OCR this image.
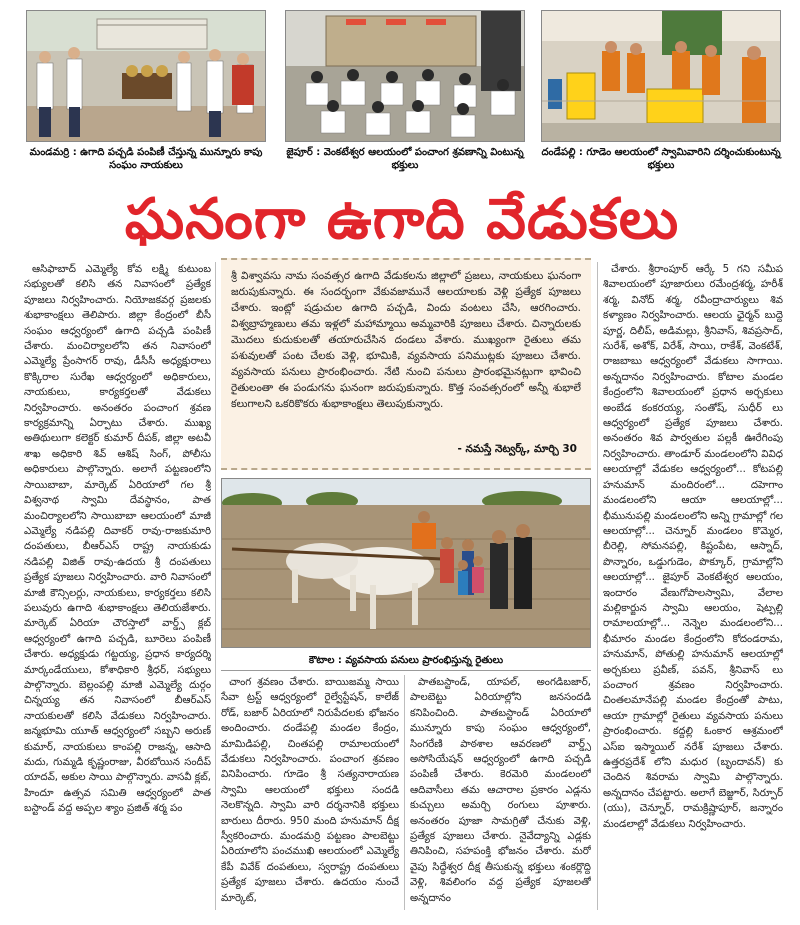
మండమర్రి : ఉగాది పచ్చడి పంపిణీ చేస్తున్న మున్నూరు కాపు సంఘం నాయకులు
జైపూర్ : వెంకటేశ్వర ఆలయంలో పంచాంగ శ్రవణాన్ని వింటున్న భక్తులు
దండేపల్లి : గూడెం ఆలయంలో స్వామివారిని దర్శించుకుంటున్న భక్తులు
ఘనంగా ఉగాది వేడుకలు

ఆసిఫాబాద్ ఎమ్మెల్యే కోవ లక్ష్మి కుటుంబ సభ్యులతో కలిసి తన నివాసంలో ప్రత్యేక పూజలు నిర్వహించారు. నియోజకవర్గ ప్రజలకు శుభాకాంక్షలు తెలిపారు. జిల్లా కేంద్రంలో బీసీ సంఘం ఆధ్వర్యంలో ఉగాది పచ్చడి పంపిణీ చేశారు. మంచిర్యాలలోని తన నివాసంలో ఎమ్మెల్యే ప్రేంసాగర్ రావు, డీసీసీ అధ్యక్షురాలు కొక్కిరాల సురేఖ ఆధ్వర్యంలో అధికారులు, నాయకులు, కార్యకర్తలతో వేడుకలు నిర్వహించారు. అనంతరం పంచాంగ శ్రవణ కార్యక్రమాన్ని ఏర్పాటు చేశారు. ముఖ్య అతిథులుగా కలెక్టర్ కుమార్ దీపక్, జిల్లా అటవీ శాఖ అధికారి శివ్ ఆశిష్ సింగ్, పోలీసు అధికారులు పాల్గొన్నారు. అలాగే పట్టణంలోని సాయిబాబా, మార్కెట్ ఏరియాలో గల శ్రీ విశ్వనాథ స్వామి దేవస్థానం, పాత మంచిర్యాలలోని సాయిబాబా ఆలయంలో మాజీ ఎమ్మెల్యే నడిపల్లి దివాకర్ రావు-రాజకుమారి దంపతులు, బీఆర్ఎస్ రాష్ట్ర నాయకుడు నడిపల్లి విజిత్ రావు-ఉదయ శ్రీ దంపతులు ప్రత్యేక పూజలు నిర్వహించారు. వారి నివాసంలో మాజీ కౌన్సిలర్లు, నాయకులు, కార్యకర్తలు కలిసి పలువురు ఉగాది శుభాకాంక్షలు తెలియజేశారు. మార్కెట్ ఏరియా చౌరస్తాలో వార్డ్స్ క్లబ్ ఆధ్వర్యంలో ఉగాది పచ్చడి, బూరెలు పంపిణీ చేశారు. అధ్యక్షుడు గట్టయ్య, ప్రధాన కార్యదర్శి మార్కండేయులు, కోశాధికారి శ్రీధర్, సభ్యులు పాల్గొన్నారు. బెల్లంపల్లి మాజీ ఎమ్మెల్యే దుర్గం చిన్నయ్య తన నివాసంలో బీఆర్ఎస్ నాయకులతో కలిసి వేడుకలు నిర్వహించారు. జన్మభూమి యూత్ ఆధ్వర్యంలో సబ్బని అరుణ్ కుమార్, నాయకులు కాంపల్లి రాజన్న, ఆసాది మదు, గుమ్మడి కృష్ణంరాజు, వీరబోయిన సందీప్ యాదవ్, అకుల సాయి పాల్గొన్నారు. వాసవీ క్లబ్, హిందూ ఉత్సవ సమితి ఆధ్వర్యంలో పాత బస్టాండ్ వద్ద అప్పల శ్యాం ప్రజిత్ శర్మ పం

శ్రీ విశ్వావసు నామ సంవత్సర ఉగాది వేడుకలను జిల్లాలో ప్రజలు, నాయకులు ఘనంగా జరుపుకున్నారు. ఈ సందర్భంగా వేకువజామునే ఆలయాలకు వెళ్లి ప్రత్యేక పూజలు చేశారు. ఇంట్లో షడ్రుచుల ఉగాది పచ్చడి, విందు వంటలు చేసి, ఆరగించారు. విశ్వబ్రాహ్మణులు తమ ఇళ్లలో మహామ్మాయి అమ్మవారికి పూజలు చేశారు. చిన్నారులకు మొదలు కుదుకులతో తయారుచేసిన దండలు వేశారు. ముఖ్యంగా రైతులు తమ పశువులతో పంట చేలకు వెళ్లి, భూమికి, వ్యవసాయ పనిముట్లకు పూజలు చేశారు. వ్యవసాయ పనులు ప్రారంభించారు. నేటి నుంచి పనులు ప్రారంభమైనట్లుగా భావించి రైతులంతా ఈ పండుగను ఘనంగా జరుపుకున్నారు. కొత్త సంవత్సరంలో అన్నీ శుభాలే కలుగాలని ఒకరికొకరు శుభాకాంక్షలు తెలుపుకున్నారు.
- నమస్తే నెట్వర్క్, మార్చి 30
కౌటాల : వ్యవసాయ పనులు ప్రారంభిస్తున్న రైతులు

చాంగ శ్రవణం చేశారు. బాయిజమ్మ సాయి సేవా ట్రస్ట్ ఆధ్వర్యంలో రైల్వేస్టేషన్, కాలేజ్ రోడ్, బజార్ ఏరియాలో నిరుపేదలకు భోజనం అందించారు. దండేపల్లి మండల కేంద్రం, మామిడిపల్లి, చింతపల్లి రామాలయంలో వేడుకలు నిర్వహించారు. పంచాంగ శ్రవణం వినిపించారు. గూడెం శ్రీ సత్యనారాయణ స్వామి ఆలయంలో భక్తులు సందడి నెలకొన్నది. స్వామి వారి దర్శనానికి భక్తులు బారులు దీరారు. 950 మంది హనుమాన్ దీక్ష స్వీకరించారు. మండమర్రి పట్టణం పాలబెట్టు ఏరియాలోని పంచముఖి ఆలయంలో ఎమ్మెల్యే కేపీ వివేక్ దంపతులు, స్వరాష్ట్ర దంపతులు ప్రత్యేక పూజలు చేశారు. ఉదయం నుంచే మార్కెట్,

పాతబస్టాండ్, యాపల్, అంగడిబజార్, పాలబెట్టు ఏరియాల్లోని జనసందడి కనిపించింది. పాతబస్టాండ్ ఏరియాలో మున్నూరు కాపు సంఘం ఆధ్వర్యంలో, సింగరేణి పాఠశాల ఆవరణలో వార్డ్స్ అసోసియేషన్ ఆధ్వర్యంలో ఉగాది పచ్చడి పంపిణీ చేశారు. కెరమెరి మండలంలో ఆదివాసీలు తమ ఆచారాల ప్రకారం ఎడ్లను కుచ్చులు అమర్చి రంగులు పూశారు. అనంతరం పూజా సామగ్రితో చేనుకు వెళ్లి, ప్రత్యేక పూజలు చేశారు. నైవేద్యాన్ని ఎడ్లకు తినిపించి, సహపంక్తి భోజనం చేశారు. మరో వైపు సిద్ధేశ్వర దీక్ష తీసుకున్న భక్తులు శంకర్లొద్ది వెళ్లి, శివలింగం వద్ద ప్రత్యేక పూజలతో అన్నదానం

చేశారు. శ్రీరాంపూర్ ఆర్కే 5 గని సమీప శివాలయంలో పూజారులు రమేంద్రశర్మ, హరీశ్ శర్మ, వినోద్ శర్మ, రవీంద్రాచార్యులు శివ కళ్యాణం నిర్వహించారు. ఆలయ ఛైర్మన్ బుద్దె పూర్ణ, దిలీప్, అడిమల్లు, శ్రీనివాస్, శివప్రసాద్, సురేశ్, అశోక్, విరేశ్, సాయి, రాకేశ్, వెంకటేశ్, రాజబాబు ఆధ్వర్యంలో వేడుకలు సాగాయి. అన్నదానం నిర్వహించారు. కోటాల మండల కేంద్రంలోని శివాలయంలో ప్రధాన అర్చకులు అంబేడ కంకరయ్య, సంతోష్, సుధీర్ లు ఆధ్వర్యంలో ప్రత్యేక పూజలు చేశారు. అనంతరం శివ పార్వతుల పల్లకీ ఊరేగింపు నిర్వహించారు. తాండూర్ మండలంలోని వివిధ ఆలయాల్లో వేడుకల ఆధ్వర్యంలో... కోటపల్లి హనుమాన్ మందిరంలో... దహెగాం మండలంలోని ఆయా ఆలయాల్లో... భీమునుపల్లి మండలంలోని అన్ని గ్రామాల్లో గల ఆలయాల్లో... చెన్నూర్ మండలం కొమ్మెర, బీరెల్లి, సోమనపల్లి, కిష్టంపేట, ఆస్నాద్, పొన్నారం, ఒడ్డుగుడెం, పొక్కూర్, గ్రామాల్లోని ఆలయాల్లో... జైపూర్ వెంకటేశ్వర ఆలయం, ఇందారం వేణుగోపాలస్వామి, వేలాల మల్లికార్జున స్వామి ఆలయం, షెట్పల్లి రామాలయాల్లో... నెన్నెల మండలంలోని... భీమారం మండల కేంద్రంలోని కోదండరామ, హనుమాన్, పోతుల్లి హనుమాన్ ఆలయాల్లో అర్చకులు ప్రవీణ్, పవన్, శ్రీనివాస్ లు పంచాంగ శ్రవణం నిర్వహించారు. చింతలమానేపల్లి మండల కేంద్రంతో పాటు, ఆయా గ్రామాల్లో రైతులు వ్యవసాయ పనులు ప్రారంభించారు. కద్దల్లి ఓంకార ఆశ్రమంలో ఎస్ఐ ఇస్మాయిల్ నరేశ్ పూజలు చేశారు. ఉత్తరప్రదేశ్ లోని మధుర (బృందావన్) కు చెందిన శివరామ స్వామి పాల్గొన్నారు. అన్నదానం చేపట్టారు. అలాగే బెజ్జూర్, సిర్పూర్ (యు), చెన్నూర్, రామక్రిష్ణాపూర్, జన్నారం మండలాల్లో వేడుకలు నిర్వహించారు.
